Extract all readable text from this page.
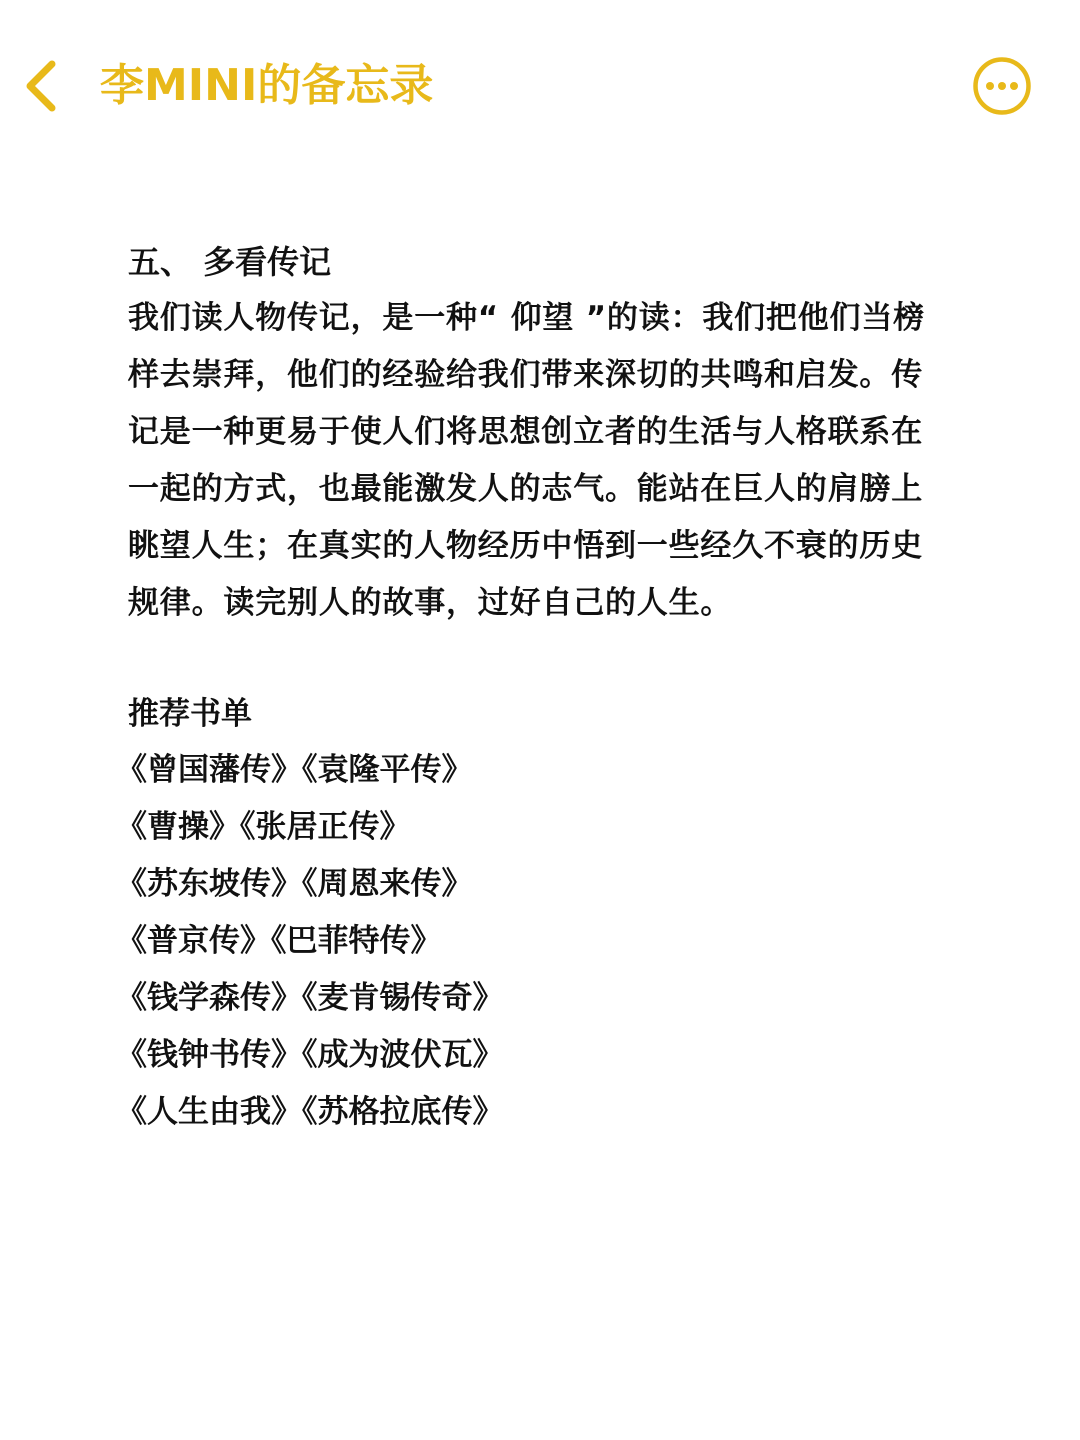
李MINI的备忘录
五、 多看传记
我们读人物传记，是一种“ 仰望 ”的读：我们把他们当榜
样去崇拜，他们的经验给我们带来深切的共鸣和启发。传
记是一种更易于使人们将思想创立者的生活与人格联系在
一起的方式，也最能激发人的志气。能站在巨人的肩膀上
眺望人生；在真实的人物经历中悟到一些经久不衰的历史
规律。读完别人的故事，过好自己的人生。
推荐书单
《曾国藩传》《袁隆平传》
《曹操》《张居正传》
《苏东坡传》《周恩来传》
《普京传》《巴菲特传》
《钱学森传》《麦肯锡传奇》
《钱钟书传》《成为波伏瓦》
《人生由我》《苏格拉底传》
